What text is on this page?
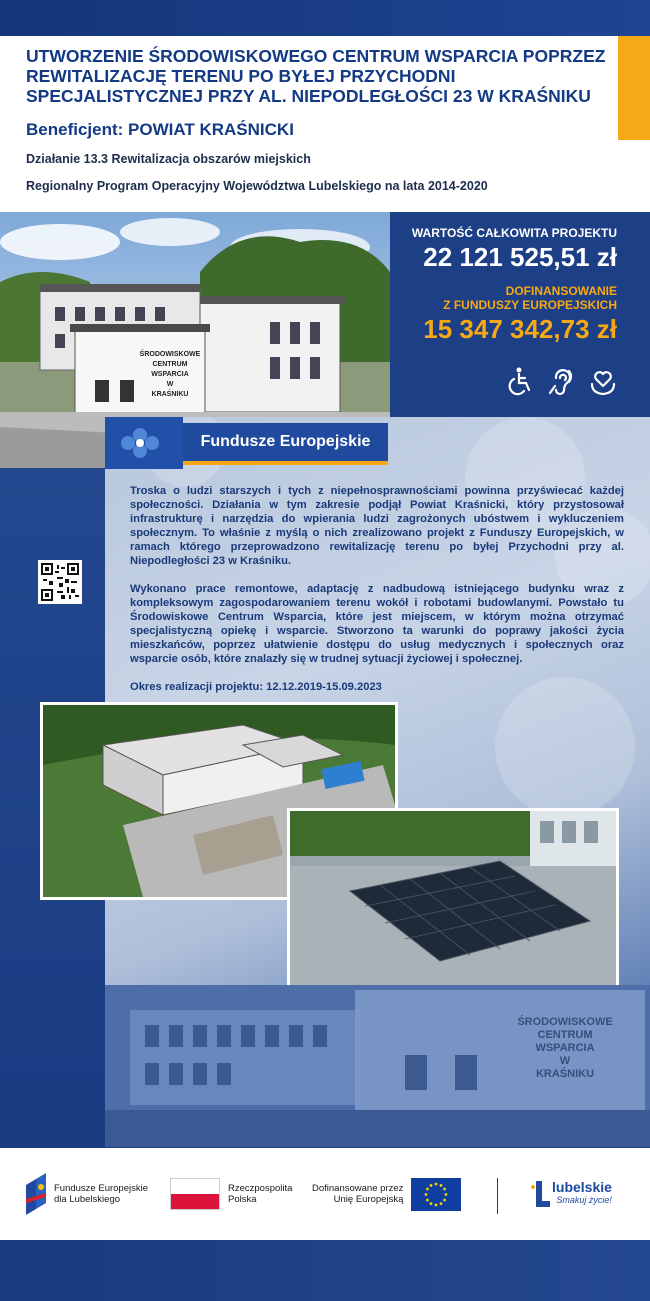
UTWORZENIE ŚRODOWISKOWEGO CENTRUM WSPARCIA POPRZEZ REWITALIZACJĘ TERENU PO BYŁEJ PRZYCHODNI SPECJALISTYCZNEJ PRZY AL. NIEPODLEGŁOŚCI 23 W KRAŚNIKU
Beneficjent: POWIAT KRAŚNICKI
Działanie 13.3 Rewitalizacja obszarów miejskich
Regionalny Program Operacyjny Województwa Lubelskiego na lata 2014-2020
ŚRODOWISKOWE
CENTRUM
WSPARCIA
W
KRAŚNIKU
WARTOŚĆ CAŁKOWITA PROJEKTU
22 121 525,51 zł
DOFINANSOWANIE
Z FUNDUSZY EUROPEJSKICH
15 347 342,73 zł
Fundusze Europejskie

Troska o ludzi starszych i tych z niepełnosprawnościami powinna przyświecać każdej społeczności. Działania w tym zakresie podjął Powiat Kraśnicki, który przystosował infrastrukturę i narzędzia do wpierania ludzi zagrożonych ubóstwem i wykluczeniem społecznym. To właśnie z myślą o nich zrealizowano projekt z Funduszy Europejskich, w ramach którego przeprowadzono rewitalizację terenu po byłej Przychodni przy al. Niepodległości 23 w Kraśniku.

Wykonano prace remontowe, adaptację z nadbudową istniejącego budynku wraz z kompleksowym zagospodarowaniem terenu wokół i robotami budowlanymi. Powstało tu Środowiskowe Centrum Wsparcia, które jest miejscem, w którym można otrzymać specjalistyczną opiekę i wsparcie. Stworzono ta warunki do poprawy jakości życia mieszkańców, poprzez ułatwienie dostępu do usług medycznych i społecznych oraz wsparcie osób, które znalazły się w trudnej sytuacji życiowej i społecznej.

Okres realizacji projektu: 12.12.2019-15.09.2023

ŚRODOWISKOWE
CENTRUM
WSPARCIA
W
KRAŚNIKU
Fundusze Europejskie
dla Lubelskiego
Rzeczpospolita
Polska
Dofinansowane przez
Unię Europejską
lubelskie
Smakuj życie!
